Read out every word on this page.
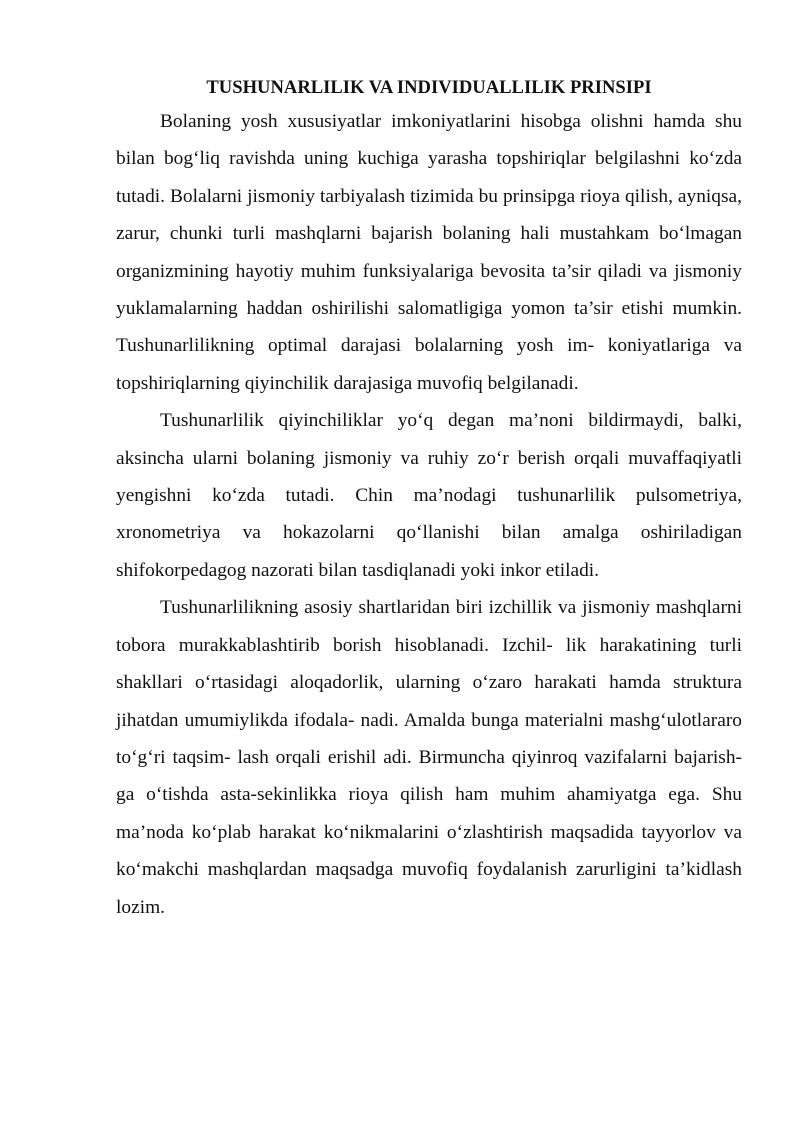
TUSHUNARLILIK VA INDIVIDUALLILIK PRINSIPI

Bolaning yosh xususiyatlar imkoniyatlarini hisobga olishni hamda shu bilan bog‘liq ravishda uning kuchiga yarasha topshiriqlar belgilashni ko‘zda tutadi. Bolalarni jismoniy tarbiyalash tizimida bu prinsipga rioya qilish, ayniqsa, zarur, chunki turli mashqlarni bajarish bolaning hali mustahkam bo‘lmagan organizmining hayotiy muhim funksiyalariga bevosita ta’sir qiladi va jismoniy yuklamalarning haddan oshirilishi salomatligiga yomon ta’sir etishi mumkin. Tushunarlilikning optimal darajasi bolalarning yosh im- koniyatlariga va topshiriqlarning qiyinchilik darajasiga muvofiq belgilanadi.

Tushunarlilik qiyinchiliklar yo‘q degan ma’noni bildirmaydi, balki, aksincha ularni bolaning jismoniy va ruhiy zo‘r berish orqali muvaffaqiyatli yengishni ko‘zda tutadi. Chin ma’nodagi tushunarlilik pulsometriya, xronometriya va hokazolarni qo‘llanishi bilan amalga oshiriladigan shifokorpedagog nazorati bilan tasdiqlanadi yoki inkor etiladi.

Tushunarlilikning asosiy shartlaridan biri izchillik va jismoniy mashqlarni tobora murakkablashtirib borish hisoblanadi. Izchil- lik harakatining turli shakllari o‘rtasidagi aloqadorlik, ularning o‘zaro harakati hamda struktura jihatdan umumiylikda ifodala- nadi. Amalda bunga materialni mashg‘ulotlararo to‘g‘ri taqsim- lash orqali erishil adi. Birmuncha qiyinroq vazifalarni bajarish- ga o‘tishda asta-sekinlikka rioya qilish ham muhim ahamiyatga ega. Shu ma’noda ko‘plab harakat ko‘nikmalarini o‘zlashtirish maqsadida tayyorlov va ko‘makchi mashqlardan maqsadga muvofiq foydalanish zarurligini ta’kidlash lozim.
